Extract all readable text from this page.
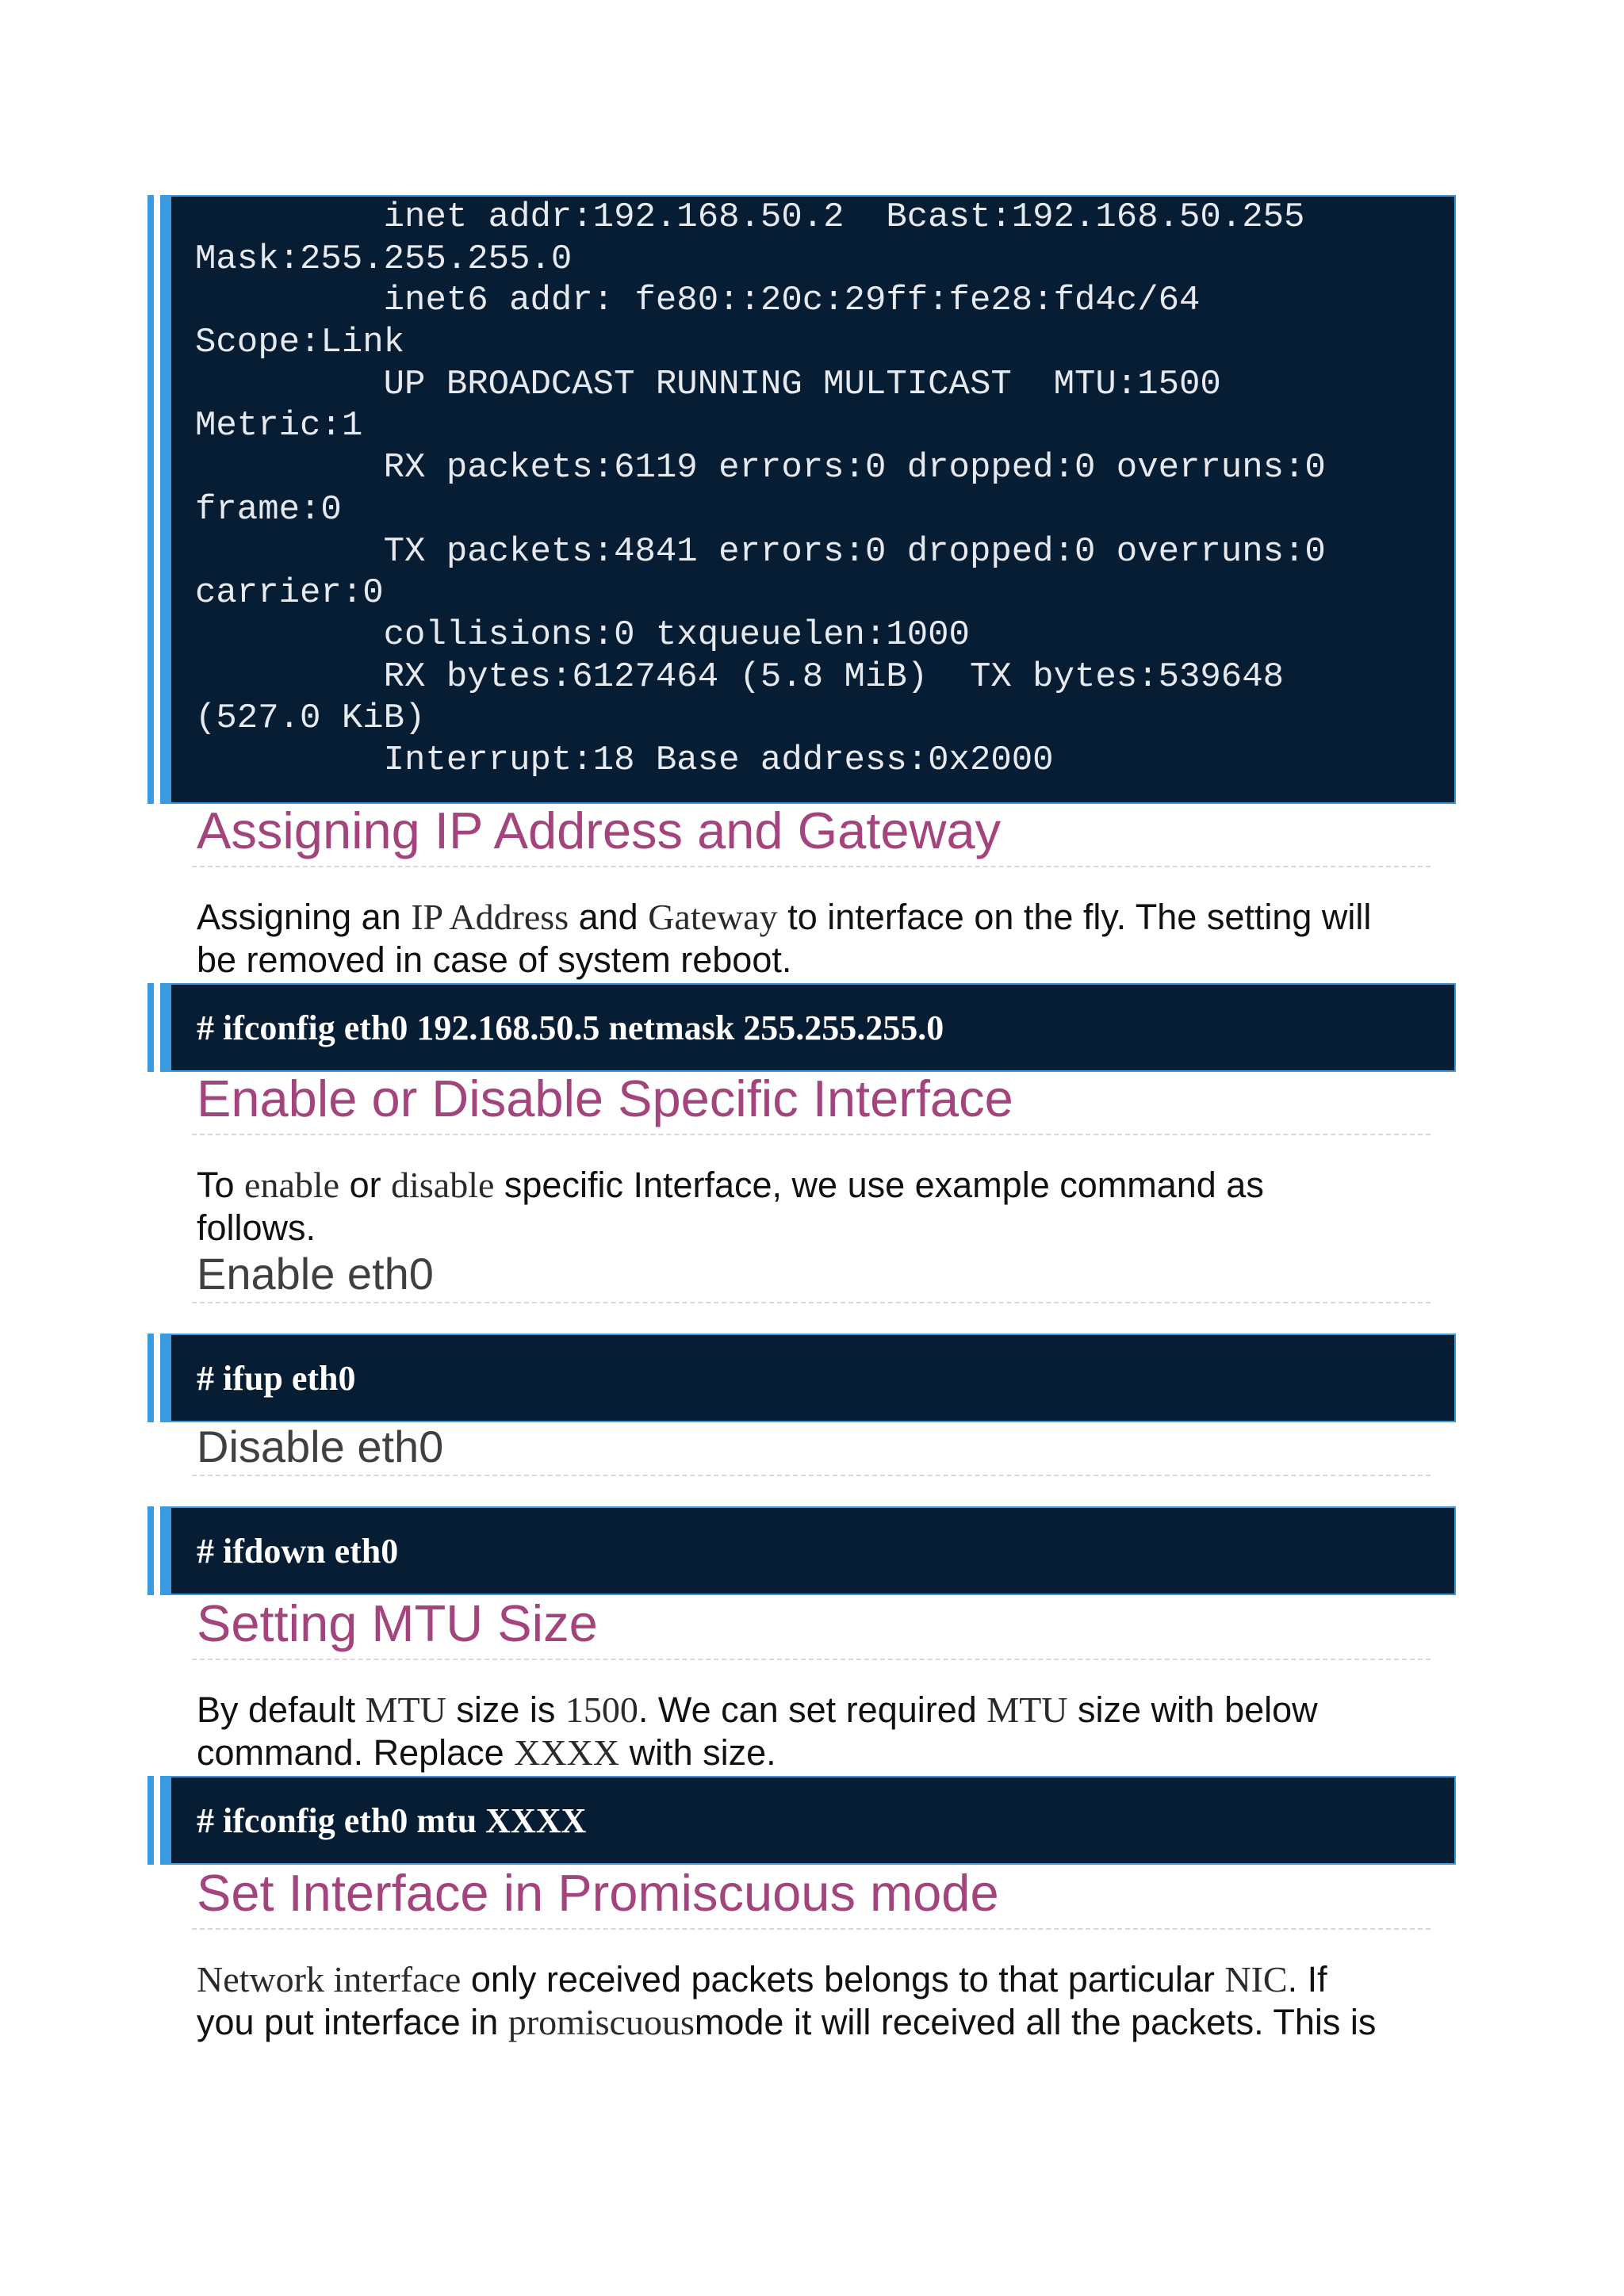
inet addr:192.168.50.2  Bcast:192.168.50.255
Mask:255.255.255.0
inet6 addr: fe80::20c:29ff:fe28:fd4c/64
Scope:Link
UP BROADCAST RUNNING MULTICAST  MTU:1500
Metric:1
RX packets:6119 errors:0 dropped:0 overruns:0
frame:0
TX packets:4841 errors:0 dropped:0 overruns:0
carrier:0
collisions:0 txqueuelen:1000
RX bytes:6127464 (5.8 MiB)  TX bytes:539648
(527.0 KiB)
Interrupt:18 Base address:0x2000
Assigning IP Address and Gateway

Assigning an IP Address and Gateway to interface on the fly. The setting will
be removed in case of system reboot.

# ifconfig eth0 192.168.50.5 netmask 255.255.255.0
Enable or Disable Specific Interface

To enable or disable specific Interface, we use example command as
follows.

Enable eth0
# ifup eth0
Disable eth0
# ifdown eth0
Setting MTU Size

By default MTU size is 1500. We can set required MTU size with below
command. Replace XXXX with size.

# ifconfig eth0 mtu XXXX
Set Interface in Promiscuous mode

Network interface only received packets belongs to that particular NIC. If
you put interface in promiscuousmode it will received all the packets. This is
